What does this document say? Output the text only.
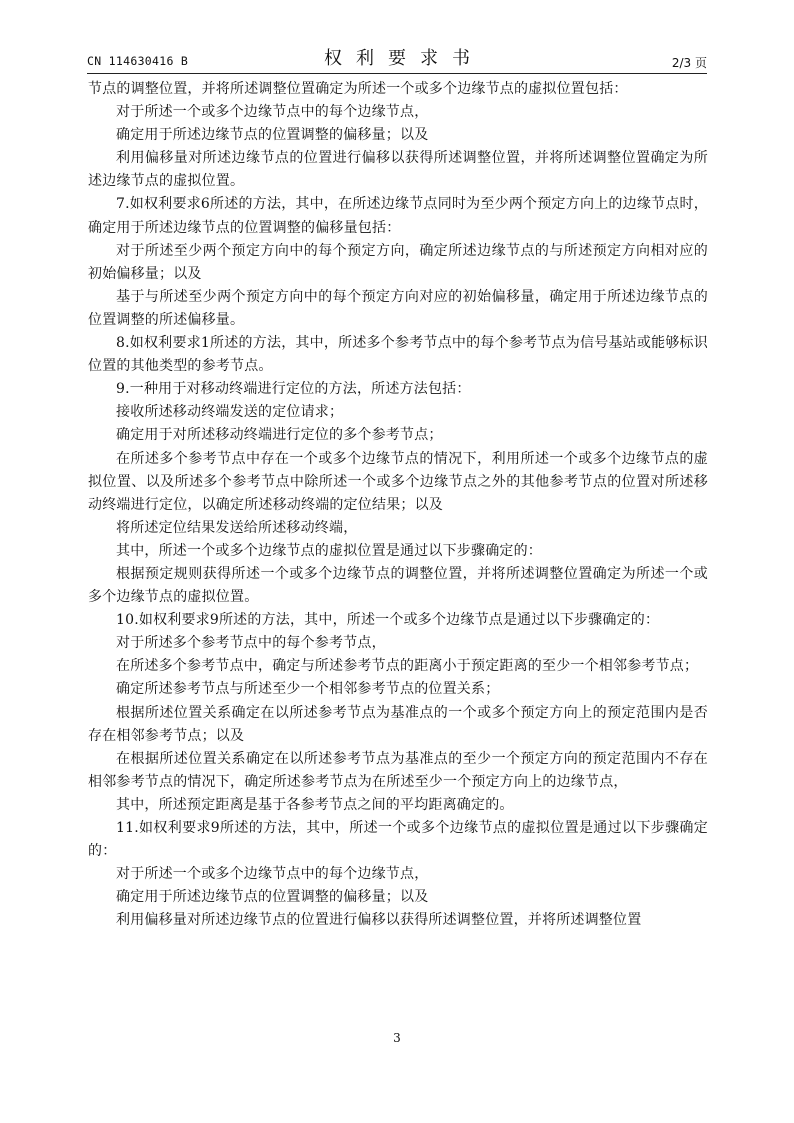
CN 114630416 B	权利要求书	2/3 页

节点的调整位置，并将所述调整位置确定为所述一个或多个边缘节点的虚拟位置包括：

对于所述一个或多个边缘节点中的每个边缘节点，

确定用于所述边缘节点的位置调整的偏移量；以及

利用偏移量对所述边缘节点的位置进行偏移以获得所述调整位置，并将所述调整位置确定为所述边缘节点的虚拟位置。

7.如权利要求6所述的方法，其中，在所述边缘节点同时为至少两个预定方向上的边缘节点时，确定用于所述边缘节点的位置调整的偏移量包括：

对于所述至少两个预定方向中的每个预定方向，确定所述边缘节点的与所述预定方向相对应的初始偏移量；以及

基于与所述至少两个预定方向中的每个预定方向对应的初始偏移量，确定用于所述边缘节点的位置调整的所述偏移量。

8.如权利要求1所述的方法，其中，所述多个参考节点中的每个参考节点为信号基站或能够标识位置的其他类型的参考节点。

9.一种用于对移动终端进行定位的方法，所述方法包括：

接收所述移动终端发送的定位请求；

确定用于对所述移动终端进行定位的多个参考节点；

在所述多个参考节点中存在一个或多个边缘节点的情况下，利用所述一个或多个边缘节点的虚拟位置、以及所述多个参考节点中除所述一个或多个边缘节点之外的其他参考节点的位置对所述移动终端进行定位，以确定所述移动终端的定位结果；以及

将所述定位结果发送给所述移动终端，

其中，所述一个或多个边缘节点的虚拟位置是通过以下步骤确定的：

根据预定规则获得所述一个或多个边缘节点的调整位置，并将所述调整位置确定为所述一个或多个边缘节点的虚拟位置。

10.如权利要求9所述的方法，其中，所述一个或多个边缘节点是通过以下步骤确定的：

对于所述多个参考节点中的每个参考节点，

在所述多个参考节点中，确定与所述参考节点的距离小于预定距离的至少一个相邻参考节点；

确定所述参考节点与所述至少一个相邻参考节点的位置关系；

根据所述位置关系确定在以所述参考节点为基准点的一个或多个预定方向上的预定范围内是否存在相邻参考节点；以及

在根据所述位置关系确定在以所述参考节点为基准点的至少一个预定方向的预定范围内不存在相邻参考节点的情况下，确定所述参考节点为在所述至少一个预定方向上的边缘节点，

其中，所述预定距离是基于各参考节点之间的平均距离确定的。

11.如权利要求9所述的方法，其中，所述一个或多个边缘节点的虚拟位置是通过以下步骤确定的：

对于所述一个或多个边缘节点中的每个边缘节点，

确定用于所述边缘节点的位置调整的偏移量；以及

利用偏移量对所述边缘节点的位置进行偏移以获得所述调整位置，并将所述调整位置

3
